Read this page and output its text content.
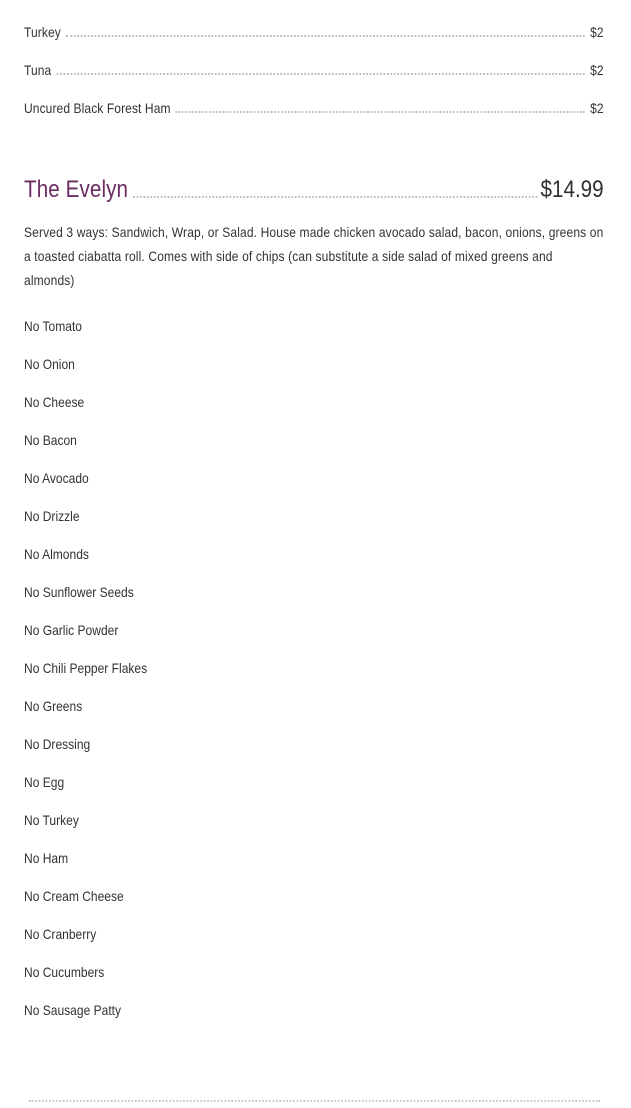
Turkey	$2
Tuna	$2
Uncured Black Forest Ham	$2
The Evelyn	$14.99
Served 3 ways: Sandwich, Wrap, or Salad. House made chicken avocado salad, bacon, onions, greens on a toasted ciabatta roll. Comes with side of chips (can substitute a side salad of mixed greens and almonds)
No Tomato
No Onion
No Cheese
No Bacon
No Avocado
No Drizzle
No Almonds
No Sunflower Seeds
No Garlic Powder
No Chili Pepper Flakes
No Greens
No Dressing
No Egg
No Turkey
No Ham
No Cream Cheese
No Cranberry
No Cucumbers
No Sausage Patty
